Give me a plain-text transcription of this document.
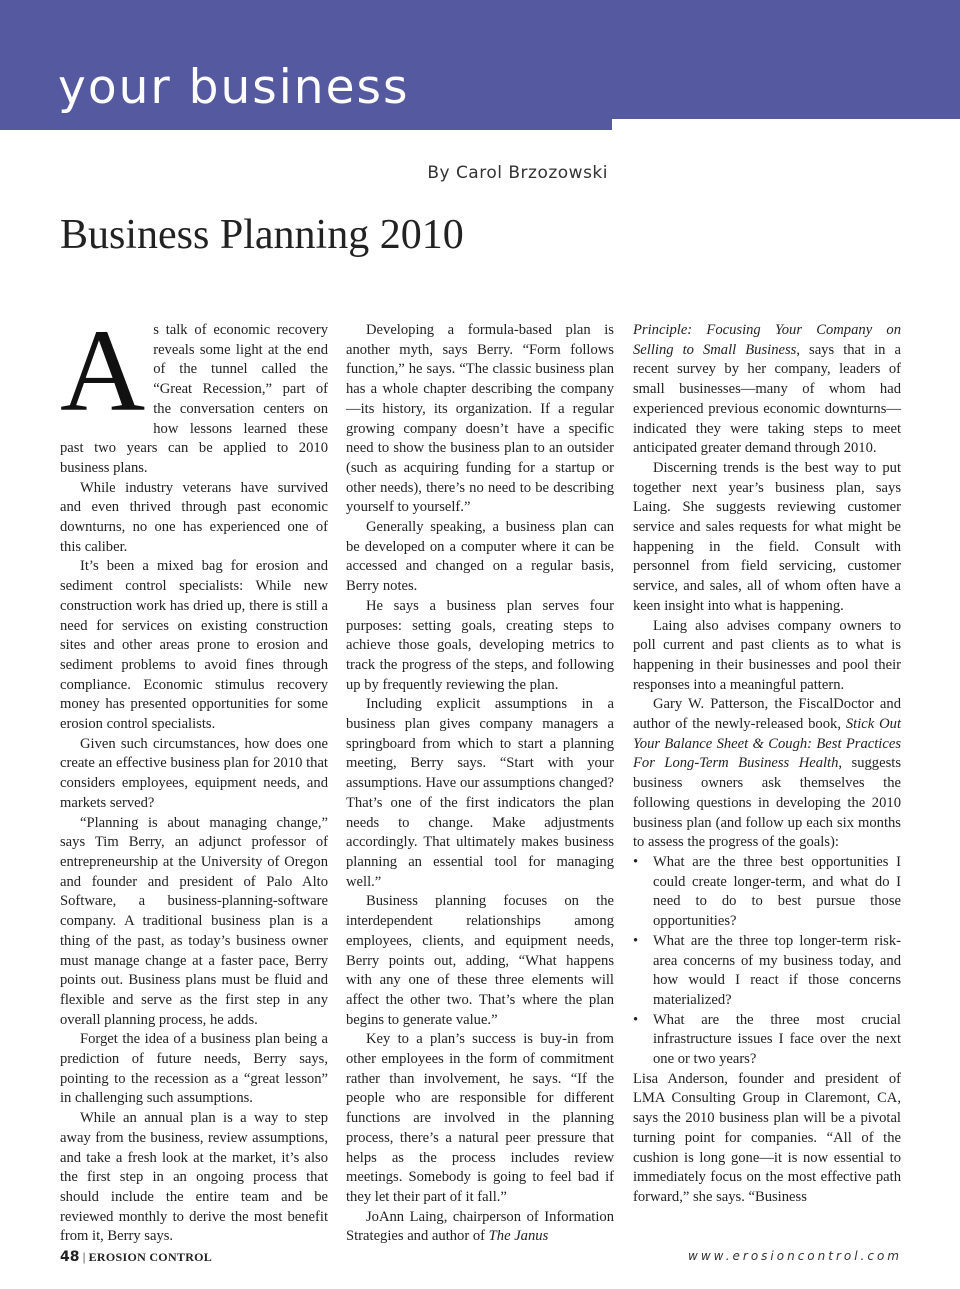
your business
By Carol Brzozowski
Business Planning 2010

As talk of economic recovery reveals some light at the end of the tunnel called the “Great Recession,” part of the conversation centers on how lessons learned these past two years can be applied to 2010 business plans.

While industry veterans have survived and even thrived through past economic downturns, no one has experienced one of this caliber.

It’s been a mixed bag for erosion and sediment control specialists: While new construction work has dried up, there is still a need for services on existing construction sites and other areas prone to erosion and sediment problems to avoid fines through compliance. Economic stimulus recovery money has presented opportunities for some erosion control specialists.

Given such circumstances, how does one create an effective business plan for 2010 that considers employees, equipment needs, and markets served?

“Planning is about managing change,” says Tim Berry, an adjunct professor of entrepreneurship at the University of Oregon and founder and president of Palo Alto Software, a business-planning-software company. A traditional business plan is a thing of the past, as today’s business owner must manage change at a faster pace, Berry points out. Business plans must be fluid and flexible and serve as the first step in any overall planning process, he adds.

Forget the idea of a business plan being a prediction of future needs, Berry says, pointing to the recession as a “great lesson” in challenging such assumptions.

While an annual plan is a way to step away from the business, review assumptions, and take a fresh look at the market, it’s also the first step in an ongoing process that should include the entire team and be reviewed monthly to derive the most benefit from it, Berry says.

Developing a formula-based plan is another myth, says Berry. “Form follows function,” he says. “The classic business plan has a whole chapter describing the company—its history, its organization. If a regular growing company doesn’t have a specific need to show the business plan to an outsider (such as acquiring funding for a startup or other needs), there’s no need to be describing yourself to yourself.”

Generally speaking, a business plan can be developed on a computer where it can be accessed and changed on a regular basis, Berry notes.

He says a business plan serves four purposes: setting goals, creating steps to achieve those goals, developing metrics to track the progress of the steps, and following up by frequently reviewing the plan.

Including explicit assumptions in a business plan gives company managers a springboard from which to start a planning meeting, Berry says. “Start with your assumptions. Have our assumptions changed? That’s one of the first indicators the plan needs to change. Make adjustments accordingly. That ultimately makes business planning an essential tool for managing well.”

Business planning focuses on the interdependent relationships among employees, clients, and equipment needs, Berry points out, adding, “What happens with any one of these three elements will affect the other two. That’s where the plan begins to generate value.”

Key to a plan’s success is buy-in from other employees in the form of commitment rather than involvement, he says. “If the people who are responsible for different functions are involved in the planning process, there’s a natural peer pressure that helps as the process includes review meetings. Somebody is going to feel bad if they let their part of it fall.”

JoAnn Laing, chairperson of Information Strategies and author of The Janus

Principle: Focusing Your Company on Selling to Small Business, says that in a recent survey by her company, leaders of small businesses—many of whom had experienced previous economic downturns—indicated they were taking steps to meet anticipated greater demand through 2010.

Discerning trends is the best way to put together next year’s business plan, says Laing. She suggests reviewing customer service and sales requests for what might be happening in the field. Consult with personnel from field servicing, customer service, and sales, all of whom often have a keen insight into what is happening.

Laing also advises company owners to poll current and past clients as to what is happening in their businesses and pool their responses into a meaningful pattern.

Gary W. Patterson, the FiscalDoctor and author of the newly-released book, Stick Out Your Balance Sheet & Cough: Best Practices For Long-Term Business Health, suggests business owners ask themselves the following questions in developing the 2010 business plan (and follow up each six months to assess the progress of the goals):

• What are the three best opportunities I could create longer-term, and what do I need to do to best pursue those opportunities?
• What are the three top longer-term risk-area concerns of my business today, and how would I react if those concerns materialized?
• What are the three most crucial infrastructure issues I face over the next one or two years?

Lisa Anderson, founder and president of LMA Consulting Group in Claremont, CA, says the 2010 business plan will be a pivotal turning point for companies. “All of the cushion is long gone—it is now essential to immediately focus on the most effective path forward,” she says. “Business

48 | EROSION CONTROL	www.erosioncontrol.com
